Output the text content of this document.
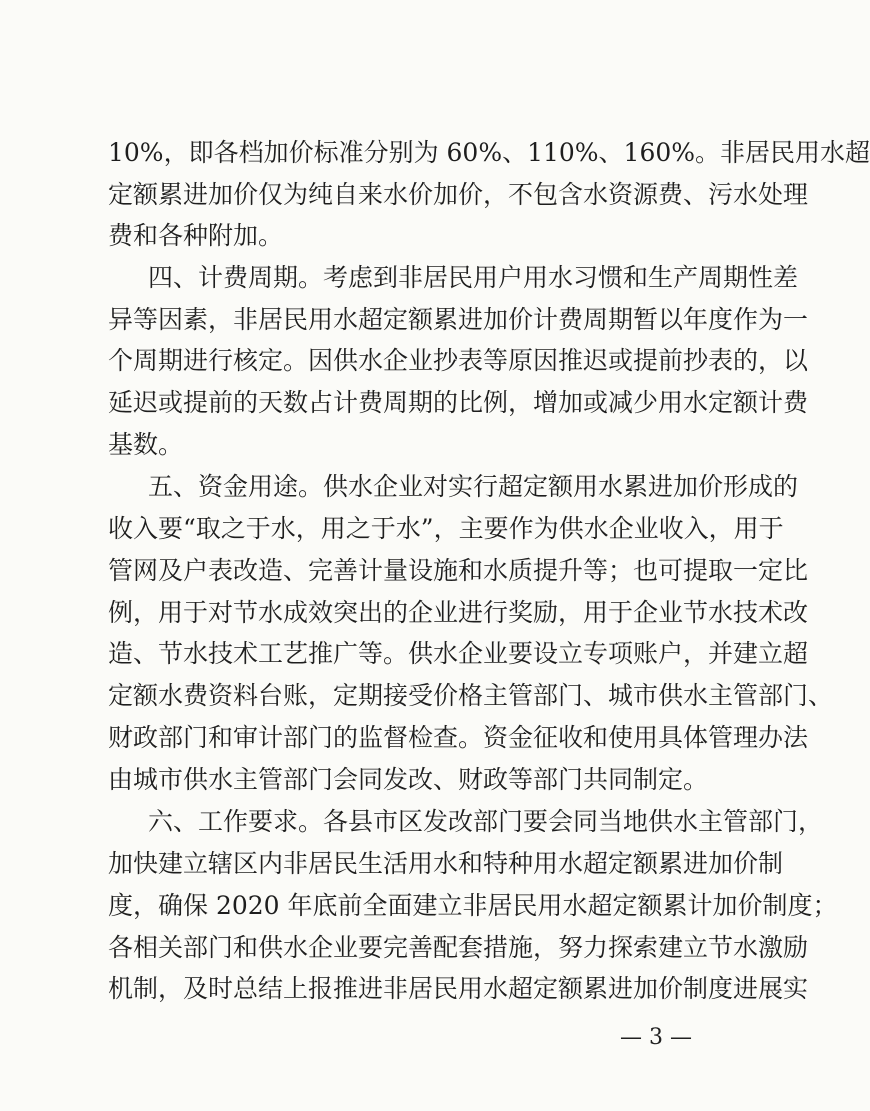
10%，即各档加价标准分别为 60%、110%、160%。非居民用水超
定额累进加价仅为纯自来水价加价，不包含水资源费、污水处理
费和各种附加。
四、计费周期。考虑到非居民用户用水习惯和生产周期性差
异等因素，非居民用水超定额累进加价计费周期暂以年度作为一
个周期进行核定。因供水企业抄表等原因推迟或提前抄表的，以
延迟或提前的天数占计费周期的比例，增加或减少用水定额计费
基数。
五、资金用途。供水企业对实行超定额用水累进加价形成的
收入要“取之于水，用之于水”，主要作为供水企业收入，用于
管网及户表改造、完善计量设施和水质提升等；也可提取一定比
例，用于对节水成效突出的企业进行奖励，用于企业节水技术改
造、节水技术工艺推广等。供水企业要设立专项账户，并建立超
定额水费资料台账，定期接受价格主管部门、城市供水主管部门、
财政部门和审计部门的监督检查。资金征收和使用具体管理办法
由城市供水主管部门会同发改、财政等部门共同制定。
六、工作要求。各县市区发改部门要会同当地供水主管部门，
加快建立辖区内非居民生活用水和特种用水超定额累进加价制
度，确保 2020 年底前全面建立非居民用水超定额累计加价制度；
各相关部门和供水企业要完善配套措施，努力探索建立节水激励
机制，及时总结上报推进非居民用水超定额累进加价制度进展实
— 3 —
